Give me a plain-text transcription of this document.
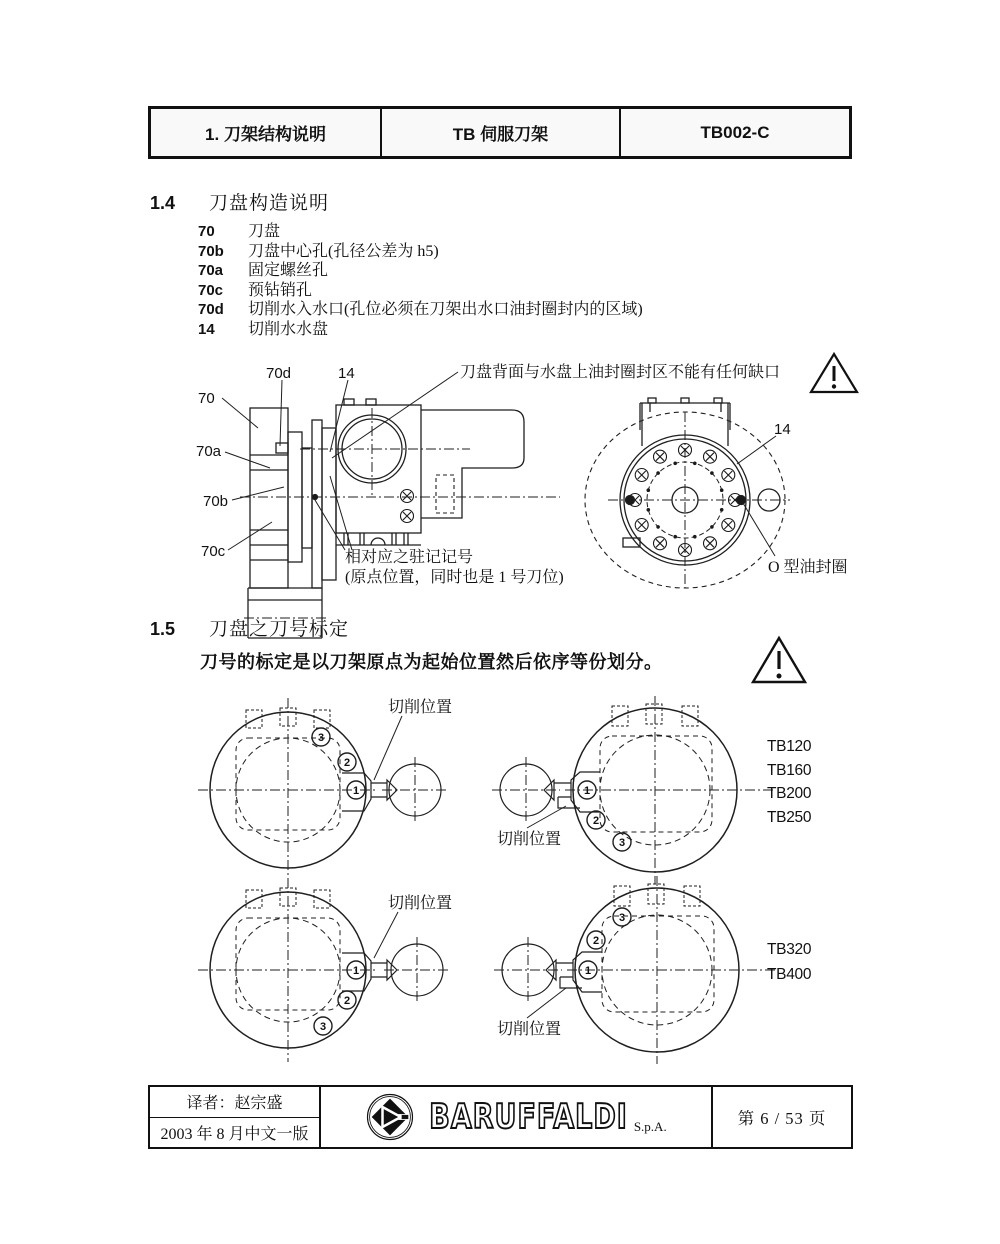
1. 刀架结构说明	TB 伺服刀架	TB002-C
1.4 刀盘构造说明
70 刀盘
70b 刀盘中心孔(孔径公差为 h5)
70a 固定螺丝孔
70c 预钻销孔
70d 切削水入水口(孔位必须在刀架出水口油封圈封内的区域)
14 切削水水盘
1.5 刀盘之刀号标定
刀号的标定是以刀架原点为起始位置然后依序等份划分。
70
70d	14
70a
70b
70c
刀盘背面与水盘上油封圈封区不能有任何缺口
相对应之驻记记号
(原点位置，同时也是 1 号刀位)
14
O 型油封圈
3
2
1
切削位置
1
2
3
切削位置
TB120
TB160
TB200
TB250
1
2
3
切削位置
1
2
3
切削位置
TB320
TB400
译者：赵宗盛
2003 年 8 月中文一版	BARUFFALDI S.p.A.	第 6 / 53 页
